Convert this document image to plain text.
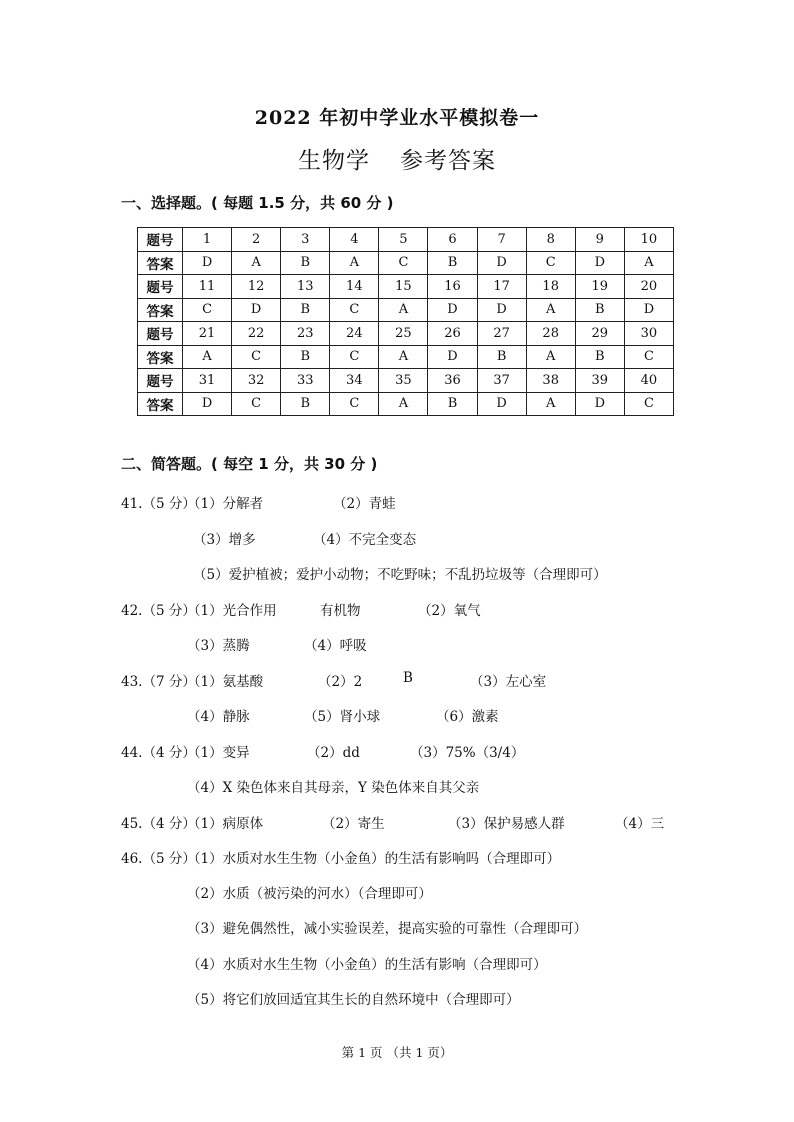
2022 年初中学业水平模拟卷一
生物学 参考答案
一、选择题。( 每题 1.5 分，共 60 分 )
题号	1	2	3	4	5	6	7	8	9	10
答案	D	A	B	A	C	B	D	C	D	A
题号	11	12	13	14	15	16	17	18	19	20
答案	C	D	B	C	A	D	D	A	B	D
题号	21	22	23	24	25	26	27	28	29	30
答案	A	C	B	C	A	D	B	A	B	C
题号	31	32	33	34	35	36	37	38	39	40
答案	D	C	B	C	A	B	D	A	D	C
二、简答题。( 每空 1 分，共 30 分 )
41.（5 分）
（1）分解者	（2）青蛙
（3）增多	（4）不完全变态
（5）爱护植被；爱护小动物；不吃野味；不乱扔垃圾等（合理即可）
42.（5 分）
（1）光合作用	有机物	（2）氧气
（3）蒸腾	（4）呼吸
43.（7 分）
（1）氨基酸	（2）2	B	（3）左心室
（4）静脉	（5）肾小球	（6）激素
44.（4 分）
（1）变异	（2）dd	（3）75%（3/4）
（4）X 染色体来自其母亲，Y 染色体来自其父亲
45.（4 分）
（1）病原体	（2）寄生	（3）保护易感人群	（4）三
46.（5 分）
（1）水质对水生生物（小金鱼）的生活有影响吗（合理即可）
（2）水质（被污染的河水）（合理即可）
（3）避免偶然性，减小实验误差，提高实验的可靠性（合理即可）
（4）水质对水生生物（小金鱼）的生活有影响（合理即可）
（5）将它们放回适宜其生长的自然环境中（合理即可）
第 1 页 （共 1 页）
